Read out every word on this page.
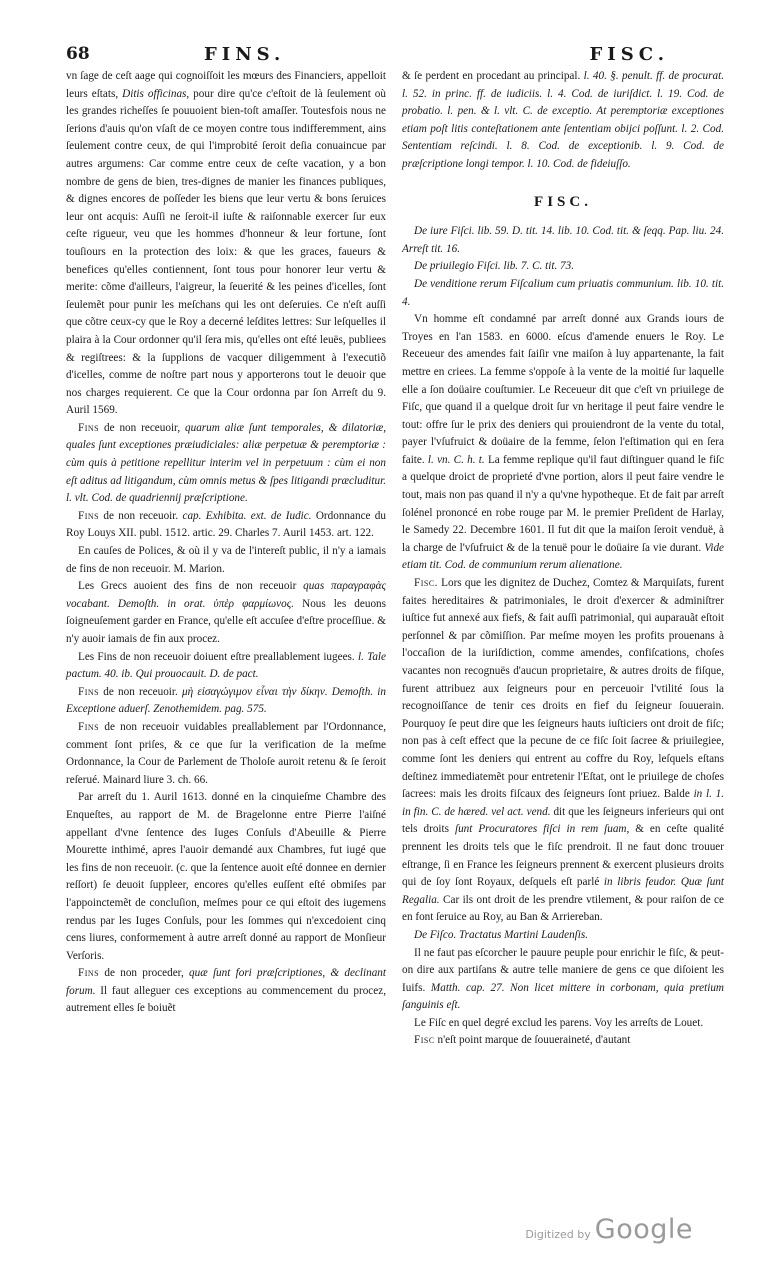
68	FINS.	FISC.

vn ſage de ceſt aage qui cognoiſſoit les mœurs des Financiers, appelloit leurs eſtats, Ditis officinas, pour dire qu'ce c'eſtoit de là ſeulement où les grandes richeſſes ſe pouuoient bien-toſt amaſſer. Toutesfois nous ne ſerions d'auis qu'on vſaſt de ce moyen contre tous indifferemment, ains ſeulement contre ceux, de qui l'improbité ſeroit deſia conuaincue par autres argumens: Car comme entre ceux de ceſte vacation, y a bon nombre de gens de bien, tres-dignes de manier les finances publiques, & dignes encores de poſſeder les biens que leur vertu & bons ſeruices leur ont acquis: Auſſi ne ſeroit-il iuſte & raiſonnable exercer ſur eux ceſte rigueur, veu que les hommes d'honneur & leur fortune, ſont touſiours en la protection des loix: & que les graces, faueurs & benefices qu'elles contiennent, ſont tous pour honorer leur vertu & merite: cõme d'ailleurs, l'aigreur, la ſeuerité & les peines d'icelles, ſont ſeulemẽt pour punir les meſchans qui les ont deſeruies. Ce n'eſt auſſi que cõtre ceux-cy que le Roy a decerné leſdites lettres: Sur leſquelles il plaira à la Cour ordonner qu'il ſera mis, qu'elles ont eſté leuës, publiees & regiſtrees: & la ſupplions de vacquer diligemment à l'executiõ d'icelles, comme de noſtre part nous y apporterons tout le deuoir que nos charges requierent. Ce que la Cour ordonna par ſon Arreſt du 9. Auril 1569.

Fins de non receuoir, quarum aliæ ſunt temporales, & dilatoriæ, quales ſunt exceptiones præiudiciales: aliæ perpetuæ & peremptoriæ : cùm quis à petitione repellitur interim vel in perpetuum : cùm ei non eſt aditus ad litigandum, cùm omnis metus & ſpes litigandi præcluditur. l. vlt. Cod. de quadriennij præſcriptione.

Fins de non receuoir. cap. Exhibita. ext. de Iudic. Ordonnance du Roy Louys XII. publ. 1512. artic. 29. Charles 7. Auril 1453. art. 122.

En cauſes de Polices, & où il y va de l'intereſt public, il n'y a iamais de fins de non receuoir. M. Marion.

Les Grecs auoient des fins de non receuoir quas παραγραφὰς vocabant. Demoſth. in orat. ὑπὲρ φαρμίωνος. Nous les deuons ſoigneuſement garder en France, qu'elle eſt accuſee d'eſtre proceſſiue. & n'y auoir iamais de fin aux procez.

Les Fins de non receuoir doiuent eſtre preallablement iugees. l. Tale pactum. 40. ib. Qui prouocauit. D. de pact.

Fins de non receuoir. μὴ εἰσαγώγιμον εἶναι τὴν δίκην. Demoſth. in Exceptione aduerſ. Zenothemidem. pag. 575.

Fins de non receuoir vuidables preallablement par l'Ordonnance, comment ſont priſes, & ce que ſur la verification de la meſme Ordonnance, la Cour de Parlement de Tholoſe auroit retenu & ſe ſeroit reſerué. Mainard liure 3. ch. 66.

Par arreſt du 1. Auril 1613. donné en la cinquieſme Chambre des Enqueſtes, au rapport de M. de Bragelonne entre Pierre l'aiſné appellant d'vne ſentence des Iuges Conſuls d'Abeuille & Pierre Mourette inthimé, apres l'auoir demandé aux Chambres, fut iugé que les fins de non receuoir. (c. que la ſentence auoit eſté donnee en dernier reſſort) ſe deuoit ſuppleer, encores qu'elles euſſent eſté obmiſes par l'appoinctemẽt de concluſion, meſmes pour ce qui eſtoit des iugemens rendus par les Iuges Conſuls, pour les ſommes qui n'excedoient cinq cens liures, conformement à autre arreſt donné au rapport de Monſieur Verſoris.

Fins de non proceder, quæ ſunt fori præſcriptiones, & declinant forum. Il faut alleguer ces exceptions au commencement du procez, autrement elles ſe boiuẽt

& ſe perdent en procedant au principal. l. 40. §. penult. ff. de procurat. l. 52. in princ. ff. de iudiciis. l. 4. Cod. de iuriſdict. l. 19. Cod. de probatio. l. pen. & l. vlt. C. de exceptio. At peremptoriæ exceptiones etiam poſt litis conteſtationem ante ſententiam obijci poſſunt. l. 2. Cod. Sententiam reſcindi. l. 8. Cod. de exceptionib. l. 9. Cod. de præſcriptione longi tempor. l. 10. Cod. de fideiuſſo.

FISC.

De iure Fiſci. lib. 59. D. tit. 14. lib. 10. Cod. tit. & ſeqq. Pap. liu. 24. Arreſt tit. 16.

De priuilegio Fiſci. lib. 7. C. tit. 73.

De venditione rerum Fiſcalium cum priuatis communium. lib. 10. tit. 4.

Vn homme eſt condamné par arreſt donné aux Grands iours de Troyes en l'an 1583. en 6000. eſcus d'amende enuers le Roy. Le Receueur des amendes fait ſaiſir vne maiſon à luy appartenante, la fait mettre en criees. La femme s'oppoſe à la vente de la moitié ſur laquelle elle a ſon doüaire couſtumier. Le Receueur dit que c'eſt vn priuilege de Fiſc, que quand il a quelque droit ſur vn heritage il peut faire vendre le tout: offre ſur le prix des deniers qui prouiendront de la vente du total, payer l'vſufruict & doüaire de la femme, ſelon l'eſtimation qui en ſera faite. l. vn. C. h. t. La femme replique qu'il faut diſtinguer quand le fiſc a quelque droict de proprieté d'vne portion, alors il peut faire vendre le tout, mais non pas quand il n'y a qu'vne hypotheque. Et de fait par arreſt ſolénel prononcé en robe rouge par M. le premier Preſident de Harlay, le Samedy 22. Decembre 1601. Il fut dit que la maiſon ſeroit venduë, à la charge de l'vſufruict & de la tenuë pour le doüaire ſa vie durant. Vide etiam tit. Cod. de communium rerum alienatione.

Fisc. Lors que les dignitez de Duchez, Comtez & Marquiſats, furent faites hereditaires & patrimoniales, le droit d'exercer & adminiſtrer iuſtice fut annexé aux fiefs, & fait auſſi patrimonial, qui auparauãt eſtoit perſonnel & par cõmiſſion. Par meſme moyen les profits prouenans à l'occaſion de la iuriſdiction, comme amendes, confiſcations, choſes vacantes non recognuës d'aucun proprietaire, & autres droits de fiſque, furent attribuez aux ſeigneurs pour en perceuoir l'vtilité ſous la recognoiſſance de tenir ces droits en fief du ſeigneur ſouuerain. Pourquoy ſe peut dire que les ſeigneurs hauts iuſticiers ont droit de fiſc; non pas à ceſt effect que la pecune de ce fiſc ſoit ſacree & priuilegiee, comme ſont les deniers qui entrent au coffre du Roy, leſquels eſtans deſtinez immediatemẽt pour entretenir l'Eſtat, ont le priuilege de choſes ſacrees: mais les droits fiſcaux des ſeigneurs ſont priuez. Balde in l. 1. in fin. C. de hæred. vel act. vend. dit que les ſeigneurs inferieurs qui ont tels droits ſunt Procuratores fiſci in rem ſuam, & en ceſte qualité prennent les droits tels que le fiſc prendroit. Il ne faut donc trouuer eſtrange, ſi en France les ſeigneurs prennent & exercent plusieurs droits qui de ſoy ſont Royaux, deſquels eſt parlé in libris feudor. Quæ ſunt Regalia. Car ils ont droit de les prendre vtilement, & pour raiſon de ce en font ſeruice au Roy, au Ban & Arriereban.

De Fiſco. Tractatus Martini Laudenſis.

Il ne faut pas eſcorcher le pauure peuple pour enrichir le fiſc, & peut-on dire aux partiſans & autre telle maniere de gens ce que diſoient les Iuifs. Matth. cap. 27. Non licet mittere in corbonam, quia pretium ſanguinis eſt.

Le Fiſc en quel degré exclud les parens. Voy les arreſts de Louet.

Fisc n'eſt point marque de ſouueraineté, d'autant

Digitized by Google
